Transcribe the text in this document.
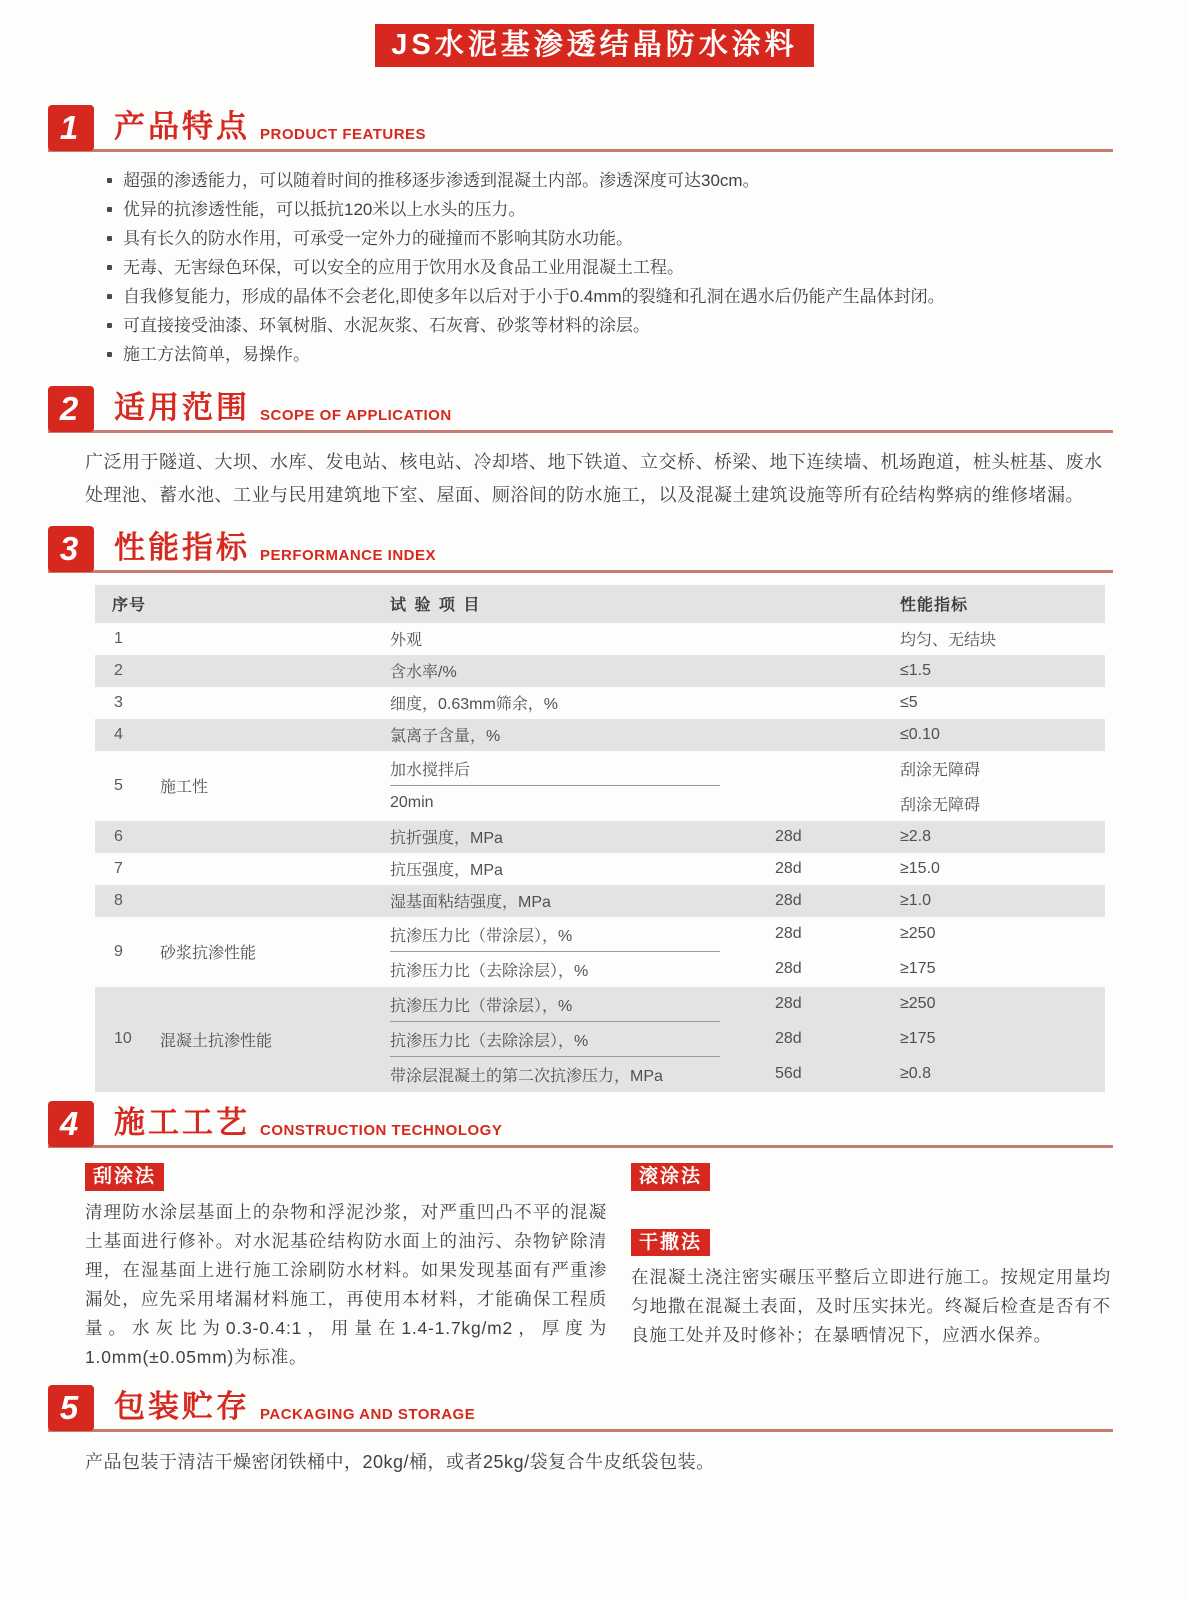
JS水泥基渗透结晶防水涂料
1	产品特点 PRODUCT FEATURES
超强的渗透能力，可以随着时间的推移逐步渗透到混凝土内部。渗透深度可达30cm。
优异的抗渗透性能，可以抵抗120米以上水头的压力。
具有长久的防水作用，可承受一定外力的碰撞而不影响其防水功能。
无毒、无害绿色环保，可以安全的应用于饮用水及食品工业用混凝土工程。
自我修复能力，形成的晶体不会老化,即使多年以后对于小于0.4mm的裂缝和孔洞在遇水后仍能产生晶体封闭。
可直接接受油漆、环氧树脂、水泥灰浆、石灰膏、砂浆等材料的涂层。
施工方法简单，易操作。
2	适用范围 SCOPE OF APPLICATION

广泛用于隧道、大坝、水库、发电站、核电站、冷却塔、地下铁道、立交桥、桥梁、地下连续墙、机场跑道，桩头桩基、废水处理池、蓄水池、工业与民用建筑地下室、屋面、厕浴间的防水施工，以及混凝土建筑设施等所有砼结构弊病的维修堵漏。

3	性能指标 PERFORMANCE INDEX
序号	试 验 项 目	性能指标
1	外观	均匀、无结块
2	含水率/%	≤1.5
3	细度，0.63mm筛余，%	≤5
4	氯离子含量，%	≤0.10
5	施工性
加水搅拌后	刮涂无障碍
20min	刮涂无障碍
6	抗折强度，MPa	28d	≥2.8
7	抗压强度，MPa	28d	≥15.0
8	湿基面粘结强度，MPa	28d	≥1.0
9	砂浆抗渗性能
抗渗压力比（带涂层），%	28d	≥250
抗渗压力比（去除涂层），%	28d	≥175
10	混凝土抗渗性能
抗渗压力比（带涂层），%	28d	≥250
抗渗压力比（去除涂层），%	28d	≥175
带涂层混凝土的第二次抗渗压力，MPa	56d	≥0.8
4	施工工艺 CONSTRUCTION TECHNOLOGY
刮涂法

清理防水涂层基面上的杂物和浮泥沙浆，对严重凹凸不平的混凝土基面进行修补。对水泥基砼结构防水面上的油污、杂物铲除清理，在湿基面上进行施工涂刷防水材料。如果发现基面有严重渗漏处，应先采用堵漏材料施工，再使用本材料，才能确保工程质量。水灰比为0.3-0.4:1，用量在1.4-1.7kg/m2，厚度为1.0mm(±0.05mm)为标准。

滚涂法
干撒法

在混凝土浇注密实碾压平整后立即进行施工。按规定用量均匀地撒在混凝土表面，及时压实抹光。终凝后检查是否有不良施工处并及时修补；在暴晒情况下，应洒水保养。

5	包装贮存 PACKAGING AND STORAGE

产品包装于清洁干燥密闭铁桶中，20kg/桶，或者25kg/袋复合牛皮纸袋包装。
